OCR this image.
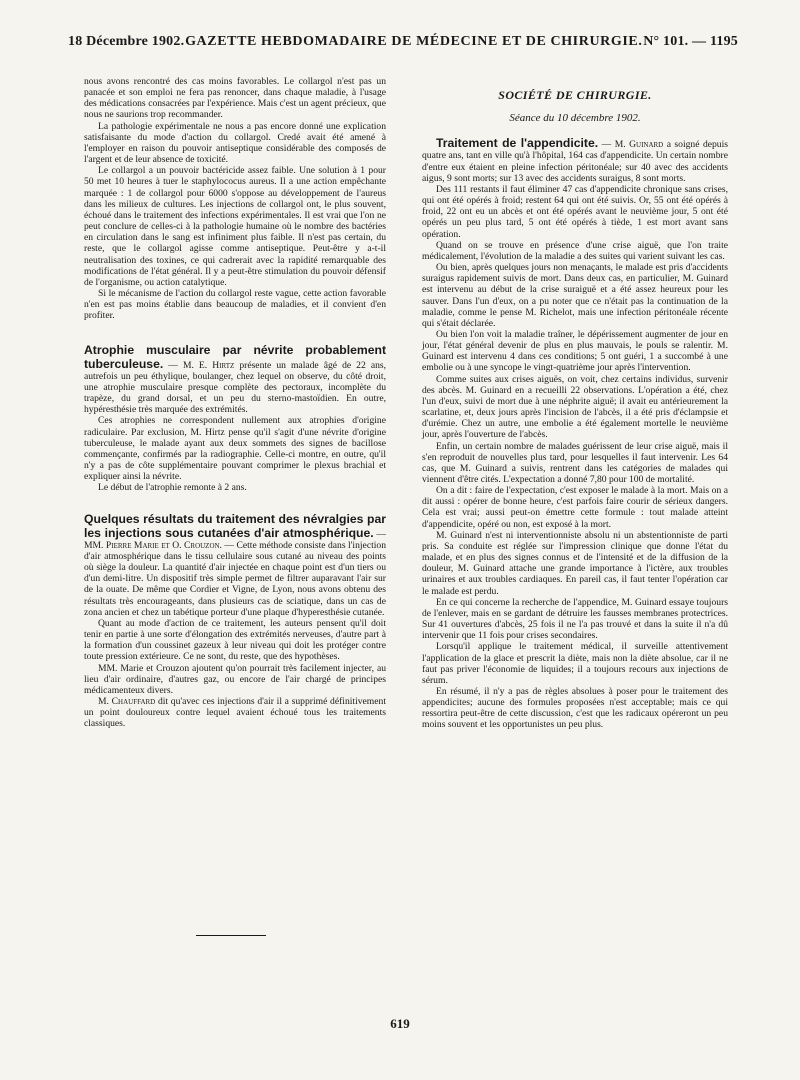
18 Décembre 1902. GAZETTE HEBDOMADAIRE DE MÉDECINE ET DE CHIRURGIE. N° 101. — 1195

nous avons rencontré des cas moins favorables. Le collargol n'est pas un panacée et son emploi ne fera pas renoncer, dans chaque maladie, à l'usage des médications consacrées par l'expérience. Mais c'est un agent précieux, que nous ne saurions trop recommander.

La pathologie expérimentale ne nous a pas encore donné une explication satisfaisante du mode d'action du collargol. Credé avait été amené à l'employer en raison du pouvoir antiseptique considérable des composés de l'argent et de leur absence de toxicité.

Le collargol a un pouvoir bactéricide assez faible. Une solution à 1 pour 50 met 10 heures à tuer le staphylococus aureus. Il a une action empêchante marquée : 1 de collargol pour 6000 s'oppose au développement de l'aureus dans les milieux de cultures. Les injections de collargol ont, le plus souvent, échoué dans le traitement des infections expérimentales. Il est vrai que l'on ne peut conclure de celles-ci à la pathologie humaine où le nombre des bactéries en circulation dans le sang est infiniment plus faible. Il n'est pas certain, du reste, que le collargol agisse comme antiseptique. Peut-être y a-t-il neutralisation des toxines, ce qui cadrerait avec la rapidité remarquable des modifications de l'état général. Il y a peut-être stimulation du pouvoir défensif de l'organisme, ou action catalytique.

Si le mécanisme de l'action du collargol reste vague, cette action favorable n'en est pas moins établie dans beaucoup de maladies, et il convient d'en profiter.

Atrophie musculaire par névrite probablement tuberculeuse. — M. E. Hirtz présente un malade âgé de 22 ans, autrefois un peu éthylique, boulanger, chez lequel on observe, du côté droit, une atrophie musculaire presque complète des pectoraux, incomplète du trapèze, du grand dorsal, et un peu du sterno-mastoïdien. En outre, hypéresthésie très marquée des extrémités.

Ces atrophies ne correspondent nullement aux atrophies d'origine radiculaire. Par exclusion, M. Hirtz pense qu'il s'agit d'une névrite d'origine tuberculeuse, le malade ayant aux deux sommets des signes de bacillose commençante, confirmés par la radiographie. Celle-ci montre, en outre, qu'il n'y a pas de côte supplémentaire pouvant comprimer le plexus brachial et expliquer ainsi la névrite.

Le début de l'atrophie remonte à 2 ans.

Quelques résultats du traitement des névralgies par les injections sous cutanées d'air atmosphérique. — MM. Pierre Marie et O. Crouzon. — Cette méthode consiste dans l'injection d'air atmosphérique dans le tissu cellulaire sous cutané au niveau des points où siège la douleur. La quantité d'air injectée en chaque point est d'un tiers ou d'un demi-litre. Un dispositif très simple permet de filtrer auparavant l'air sur de la ouate. De même que Cordier et Vigne, de Lyon, nous avons obtenu des résultats très encourageants, dans plusieurs cas de sciatique, dans un cas de zona ancien et chez un tabétique porteur d'une plaque d'hyperesthésie cutanée.

Quant au mode d'action de ce traitement, les auteurs pensent qu'il doit tenir en partie à une sorte d'élongation des extrémités nerveuses, d'autre part à la formation d'un coussinet gazeux à leur niveau qui doit les protéger contre toute pression extérieure. Ce ne sont, du reste, que des hypothèses.

MM. Marie et Crouzon ajoutent qu'on pourrait très facilement injecter, au lieu d'air ordinaire, d'autres gaz, ou encore de l'air chargé de principes médicamenteux divers.

M. Chauffard dit qu'avec ces injections d'air il a supprimé définitivement un point douloureux contre lequel avaient échoué tous les traitements classiques.

SOCIÉTÉ DE CHIRURGIE.

Séance du 10 décembre 1902.

Traitement de l'appendicite. — M. Guinard a soigné depuis quatre ans, tant en ville qu'à l'hôpital, 164 cas d'appendicite. Un certain nombre d'entre eux étaient en pleine infection péritonéale; sur 40 avec des accidents aigus, 9 sont morts; sur 13 avec des accidents suraigus, 8 sont morts.

Des 111 restants il faut éliminer 47 cas d'appendicite chronique sans crises, qui ont été opérés à froid; restent 64 qui ont été suivis. Or, 55 ont été opérés à froid, 22 ont eu un abcès et ont été opérés avant le neuvième jour, 5 ont été opérés un peu plus tard, 5 ont été opérés à tiède, 1 est mort avant sans opération.

Quand on se trouve en présence d'une crise aiguë, que l'on traite médicalement, l'évolution de la maladie a des suites qui varient suivant les cas.

Ou bien, après quelques jours non menaçants, le malade est pris d'accidents suraigus rapidement suivis de mort. Dans deux cas, en particulier, M. Guinard est intervenu au début de la crise suraiguë et a été assez heureux pour les sauver. Dans l'un d'eux, on a pu noter que ce n'était pas la continuation de la maladie, comme le pense M. Richelot, mais une infection péritonéale récente qui s'était déclarée.

Ou bien l'on voit la maladie traîner, le dépérissement augmenter de jour en jour, l'état général devenir de plus en plus mauvais, le pouls se ralentir. M. Guinard est intervenu 4 dans ces conditions; 5 ont guéri, 1 a succombé à une embolie ou à une syncope le vingt-quatrième jour après l'intervention.

Comme suites aux crises aiguës, on voit, chez certains individus, survenir des abcès. M. Guinard en a recueilli 22 observations. L'opération a été, chez l'un d'eux, suivi de mort due à une néphrite aiguë; il avait eu antérieurement la scarlatine, et, deux jours après l'incision de l'abcès, il a été pris d'éclampsie et d'urémie. Chez un autre, une embolie a été également mortelle le neuvième jour, après l'ouverture de l'abcès.

Enfin, un certain nombre de malades guérissent de leur crise aiguë, mais il s'en reproduit de nouvelles plus tard, pour lesquelles il faut intervenir. Les 64 cas, que M. Guinard a suivis, rentrent dans les catégories de malades qui viennent d'être cités. L'expectation a donné 7,80 pour 100 de mortalité.

On a dit : faire de l'expectation, c'est exposer le malade à la mort. Mais on a dit aussi : opérer de bonne heure, c'est parfois faire courir de sérieux dangers. Cela est vrai; aussi peut-on émettre cette formule : tout malade atteint d'appendicite, opéré ou non, est exposé à la mort.

M. Guinard n'est ni interventionniste absolu ni un abstentionniste de parti pris. Sa conduite est réglée sur l'impression clinique que donne l'état du malade, et en plus des signes connus et de l'intensité et de la diffusion de la douleur, M. Guinard attache une grande importance à l'ictère, aux troubles urinaires et aux troubles cardiaques. En pareil cas, il faut tenter l'opération car le malade est perdu.

En ce qui concerne la recherche de l'appendice, M. Guinard essaye toujours de l'enlever, mais en se gardant de détruire les fausses membranes protectrices. Sur 41 ouvertures d'abcès, 25 fois il ne l'a pas trouvé et dans la suite il n'a dû intervenir que 11 fois pour crises secondaires.

Lorsqu'il applique le traitement médical, il surveille attentivement l'application de la glace et prescrit la diète, mais non la diète absolue, car il ne faut pas priver l'économie de liquides; il a toujours recours aux injections de sérum.

En résumé, il n'y a pas de règles absolues à poser pour le traitement des appendicites; aucune des formules proposées n'est acceptable; mais ce qui ressortira peut-être de cette discussion, c'est que les radicaux opéreront un peu moins souvent et les opportunistes un peu plus.

619
